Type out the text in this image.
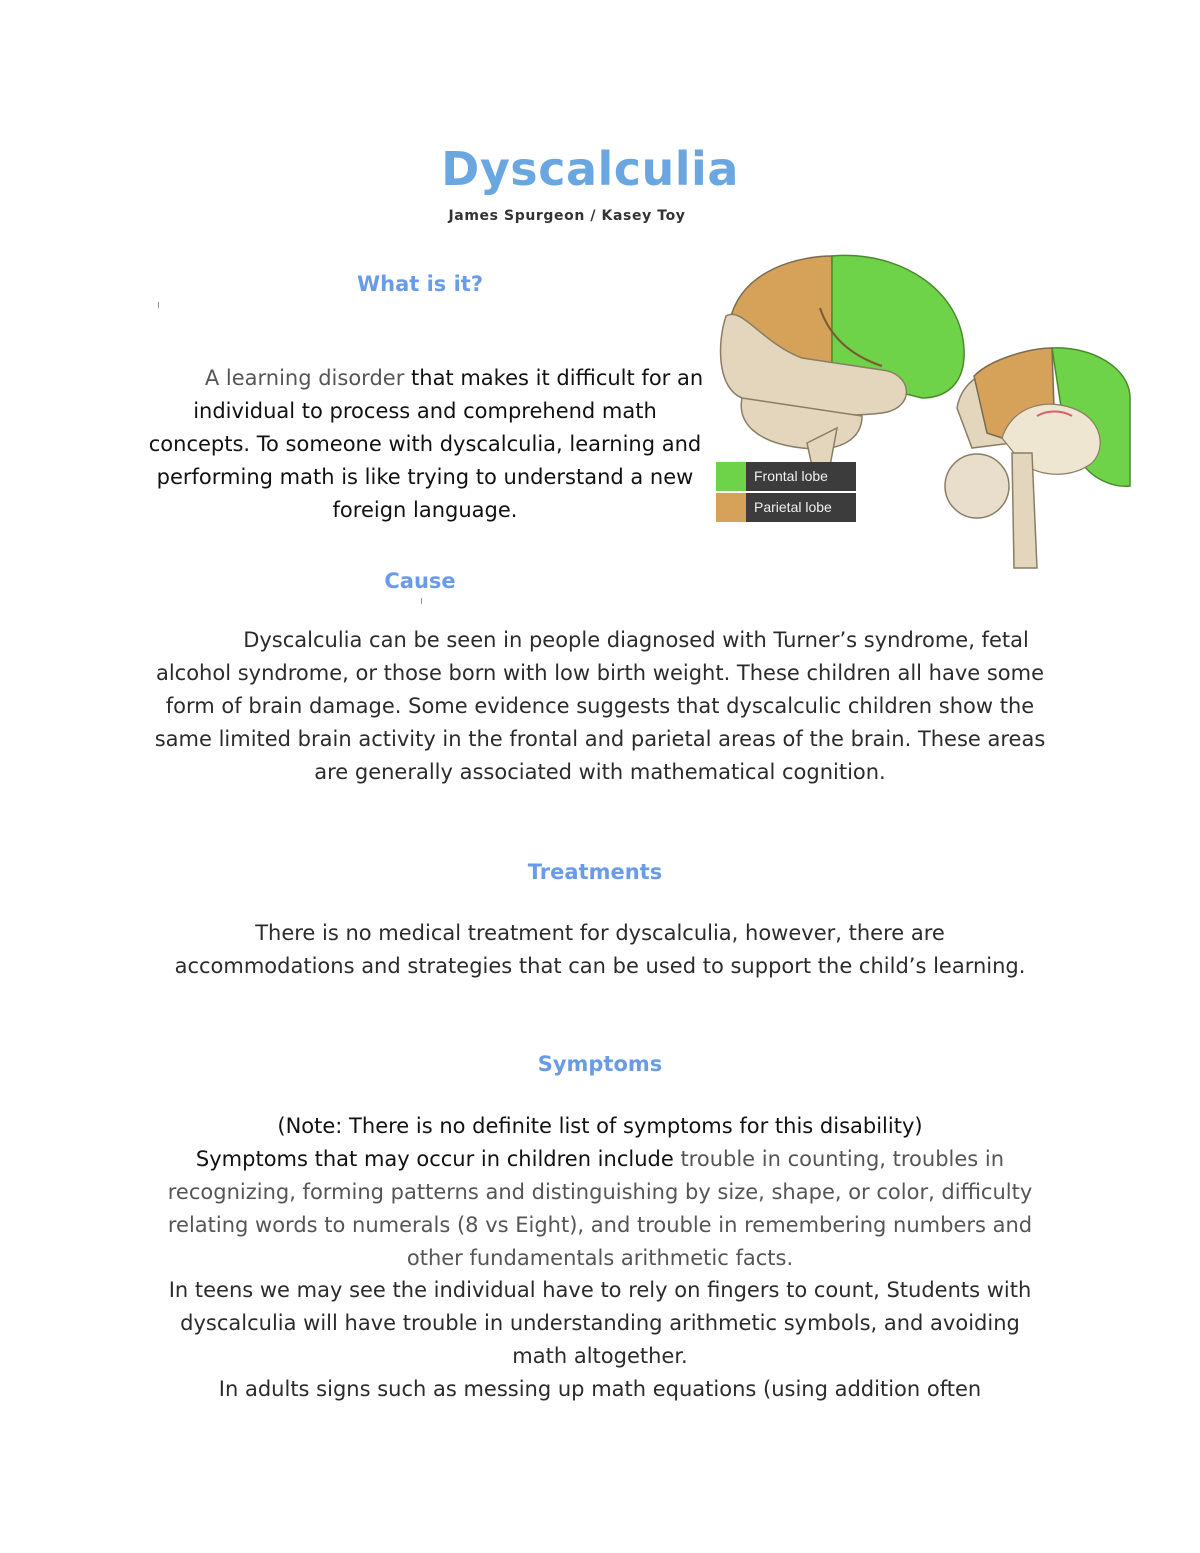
Dyscalculia
James Spurgeon / Kasey Toy
What is it?
A learning disorder that makes it difficult for an individual to process and comprehend math concepts. To someone with dyscalculia, learning and performing math is like trying to understand a new foreign language.
Frontal lobe
Parietal lobe
Cause
Dyscalculia can be seen in people diagnosed with Turner’s syndrome, fetal alcohol syndrome, or those born with low birth weight. These children all have some form of brain damage. Some evidence suggests that dyscalculic children show the same limited brain activity in the frontal and parietal areas of the brain. These areas are generally associated with mathematical cognition.
Treatments
There is no medical treatment for dyscalculia, however, there are accommodations and strategies that can be used to support the child’s learning.
Symptoms
(Note: There is no definite list of symptoms for this disability)
Symptoms that may occur in children include trouble in counting, troubles in recognizing, forming patterns and distinguishing by size, shape, or color, difficulty relating words to numerals (8 vs Eight), and trouble in remembering numbers and other fundamentals arithmetic facts.
In teens we may see the individual have to rely on fingers to count, Students with dyscalculia will have trouble in understanding arithmetic symbols, and avoiding math altogether.
In adults signs such as messing up math equations (using addition often
